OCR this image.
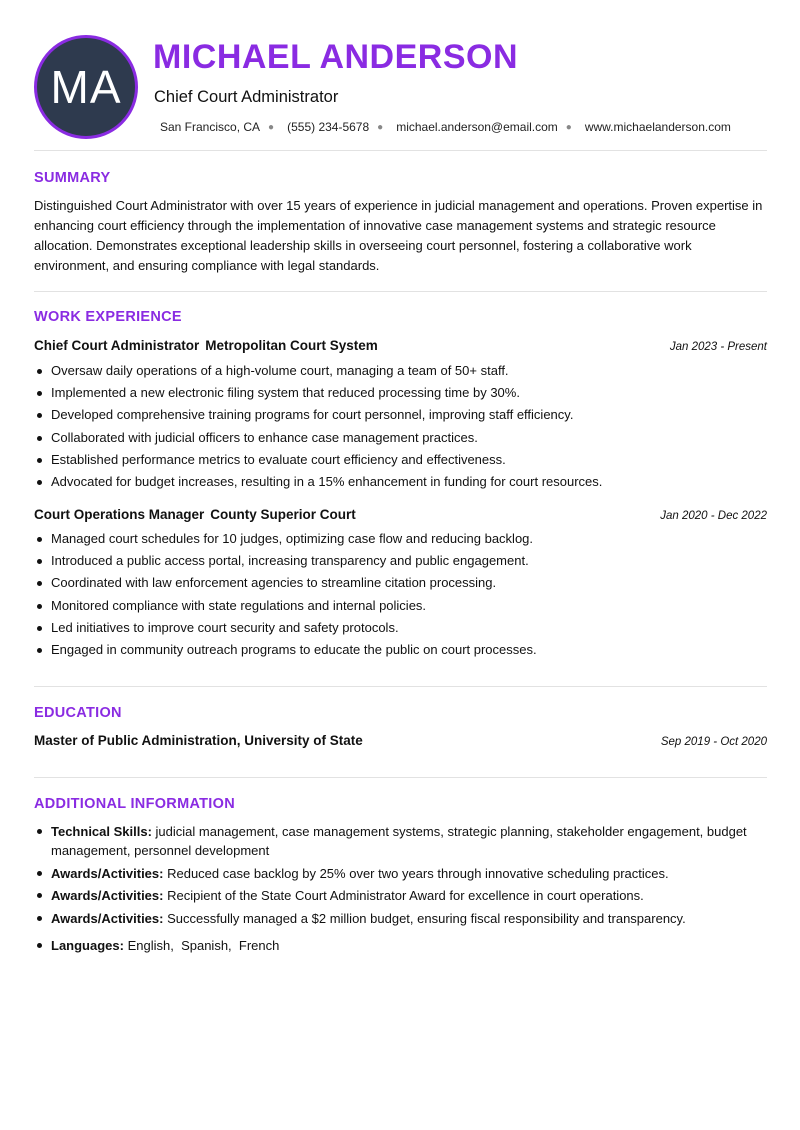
MA
MICHAEL ANDERSON
Chief Court Administrator
San Francisco, CA ● (555) 234-5678 ● michael.anderson@email.com ● www.michaelanderson.com
SUMMARY

Distinguished Court Administrator with over 15 years of experience in judicial management and operations. Proven expertise in enhancing court efficiency through the implementation of innovative case management systems and strategic resource allocation. Demonstrates exceptional leadership skills in overseeing court personnel, fostering a collaborative work environment, and ensuring compliance with legal standards.

WORK EXPERIENCE
Chief Court Administrator Metropolitan Court System	Jan 2023 - Present
Oversaw daily operations of a high-volume court, managing a team of 50+ staff.
Implemented a new electronic filing system that reduced processing time by 30%.
Developed comprehensive training programs for court personnel, improving staff efficiency.
Collaborated with judicial officers to enhance case management practices.
Established performance metrics to evaluate court efficiency and effectiveness.
Advocated for budget increases, resulting in a 15% enhancement in funding for court resources.
Court Operations Manager County Superior Court	Jan 2020 - Dec 2022
Managed court schedules for 10 judges, optimizing case flow and reducing backlog.
Introduced a public access portal, increasing transparency and public engagement.
Coordinated with law enforcement agencies to streamline citation processing.
Monitored compliance with state regulations and internal policies.
Led initiatives to improve court security and safety protocols.
Engaged in community outreach programs to educate the public on court processes.
EDUCATION
Master of Public Administration, University of State	Sep 2019 - Oct 2020
ADDITIONAL INFORMATION
Technical Skills: judicial management, case management systems, strategic planning, stakeholder engagement, budget management, personnel development
Awards/Activities: Reduced case backlog by 25% over two years through innovative scheduling practices.
Awards/Activities: Recipient of the State Court Administrator Award for excellence in court operations.
Awards/Activities: Successfully managed a $2 million budget, ensuring fiscal responsibility and transparency.
Languages: English,  Spanish,  French
